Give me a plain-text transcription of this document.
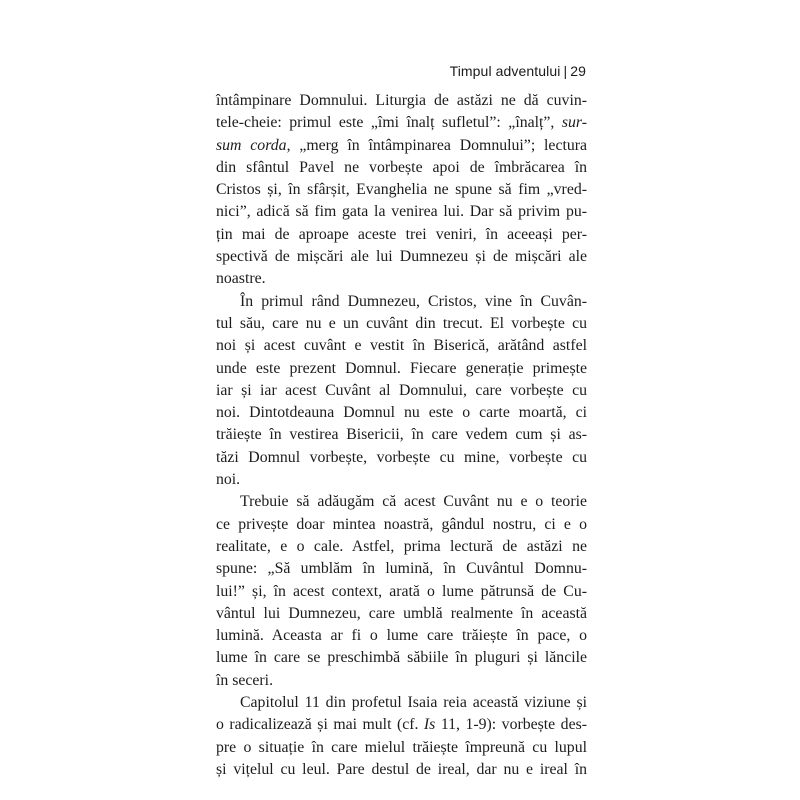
Timpul adventului | 29
întâmpinare Domnului. Liturgia de astăzi ne dă cuvin-
tele-cheie: primul este „îmi înalț sufletul”: „înalț”, sur-
sum corda, „merg în întâmpinarea Domnului”; lectura
din sfântul Pavel ne vorbește apoi de îmbrăcarea în
Cristos și, în sfârșit, Evanghelia ne spune să fim „vred-
nici”, adică să fim gata la venirea lui. Dar să privim pu-
țin mai de aproape aceste trei veniri, în aceeași per-
spectivă de mișcări ale lui Dumnezeu și de mișcări ale
noastre.
În primul rând Dumnezeu, Cristos, vine în Cuvân-
tul său, care nu e un cuvânt din trecut. El vorbește cu
noi și acest cuvânt e vestit în Biserică, arătând astfel
unde este prezent Domnul. Fiecare generație primește
iar și iar acest Cuvânt al Domnului, care vorbește cu
noi. Dintotdeauna Domnul nu este o carte moartă, ci
trăiește în vestirea Bisericii, în care vedem cum și as-
tăzi Domnul vorbește, vorbește cu mine, vorbește cu
noi.
Trebuie să adăugăm că acest Cuvânt nu e o teorie
ce privește doar mintea noastră, gândul nostru, ci e o
realitate, e o cale. Astfel, prima lectură de astăzi ne
spune: „Să umblăm în lumină, în Cuvântul Domnu-
lui!” și, în acest context, arată o lume pătrunsă de Cu-
vântul lui Dumnezeu, care umblă realmente în această
lumină. Aceasta ar fi o lume care trăiește în pace, o
lume în care se preschimbă săbiile în pluguri și lăncile
în seceri.
Capitolul 11 din profetul Isaia reia această viziune și
o radicalizează și mai mult (cf. Is 11, 1-9): vorbește des-
pre o situație în care mielul trăiește împreună cu lupul
și vițelul cu leul. Pare destul de ireal, dar nu e ireal în
